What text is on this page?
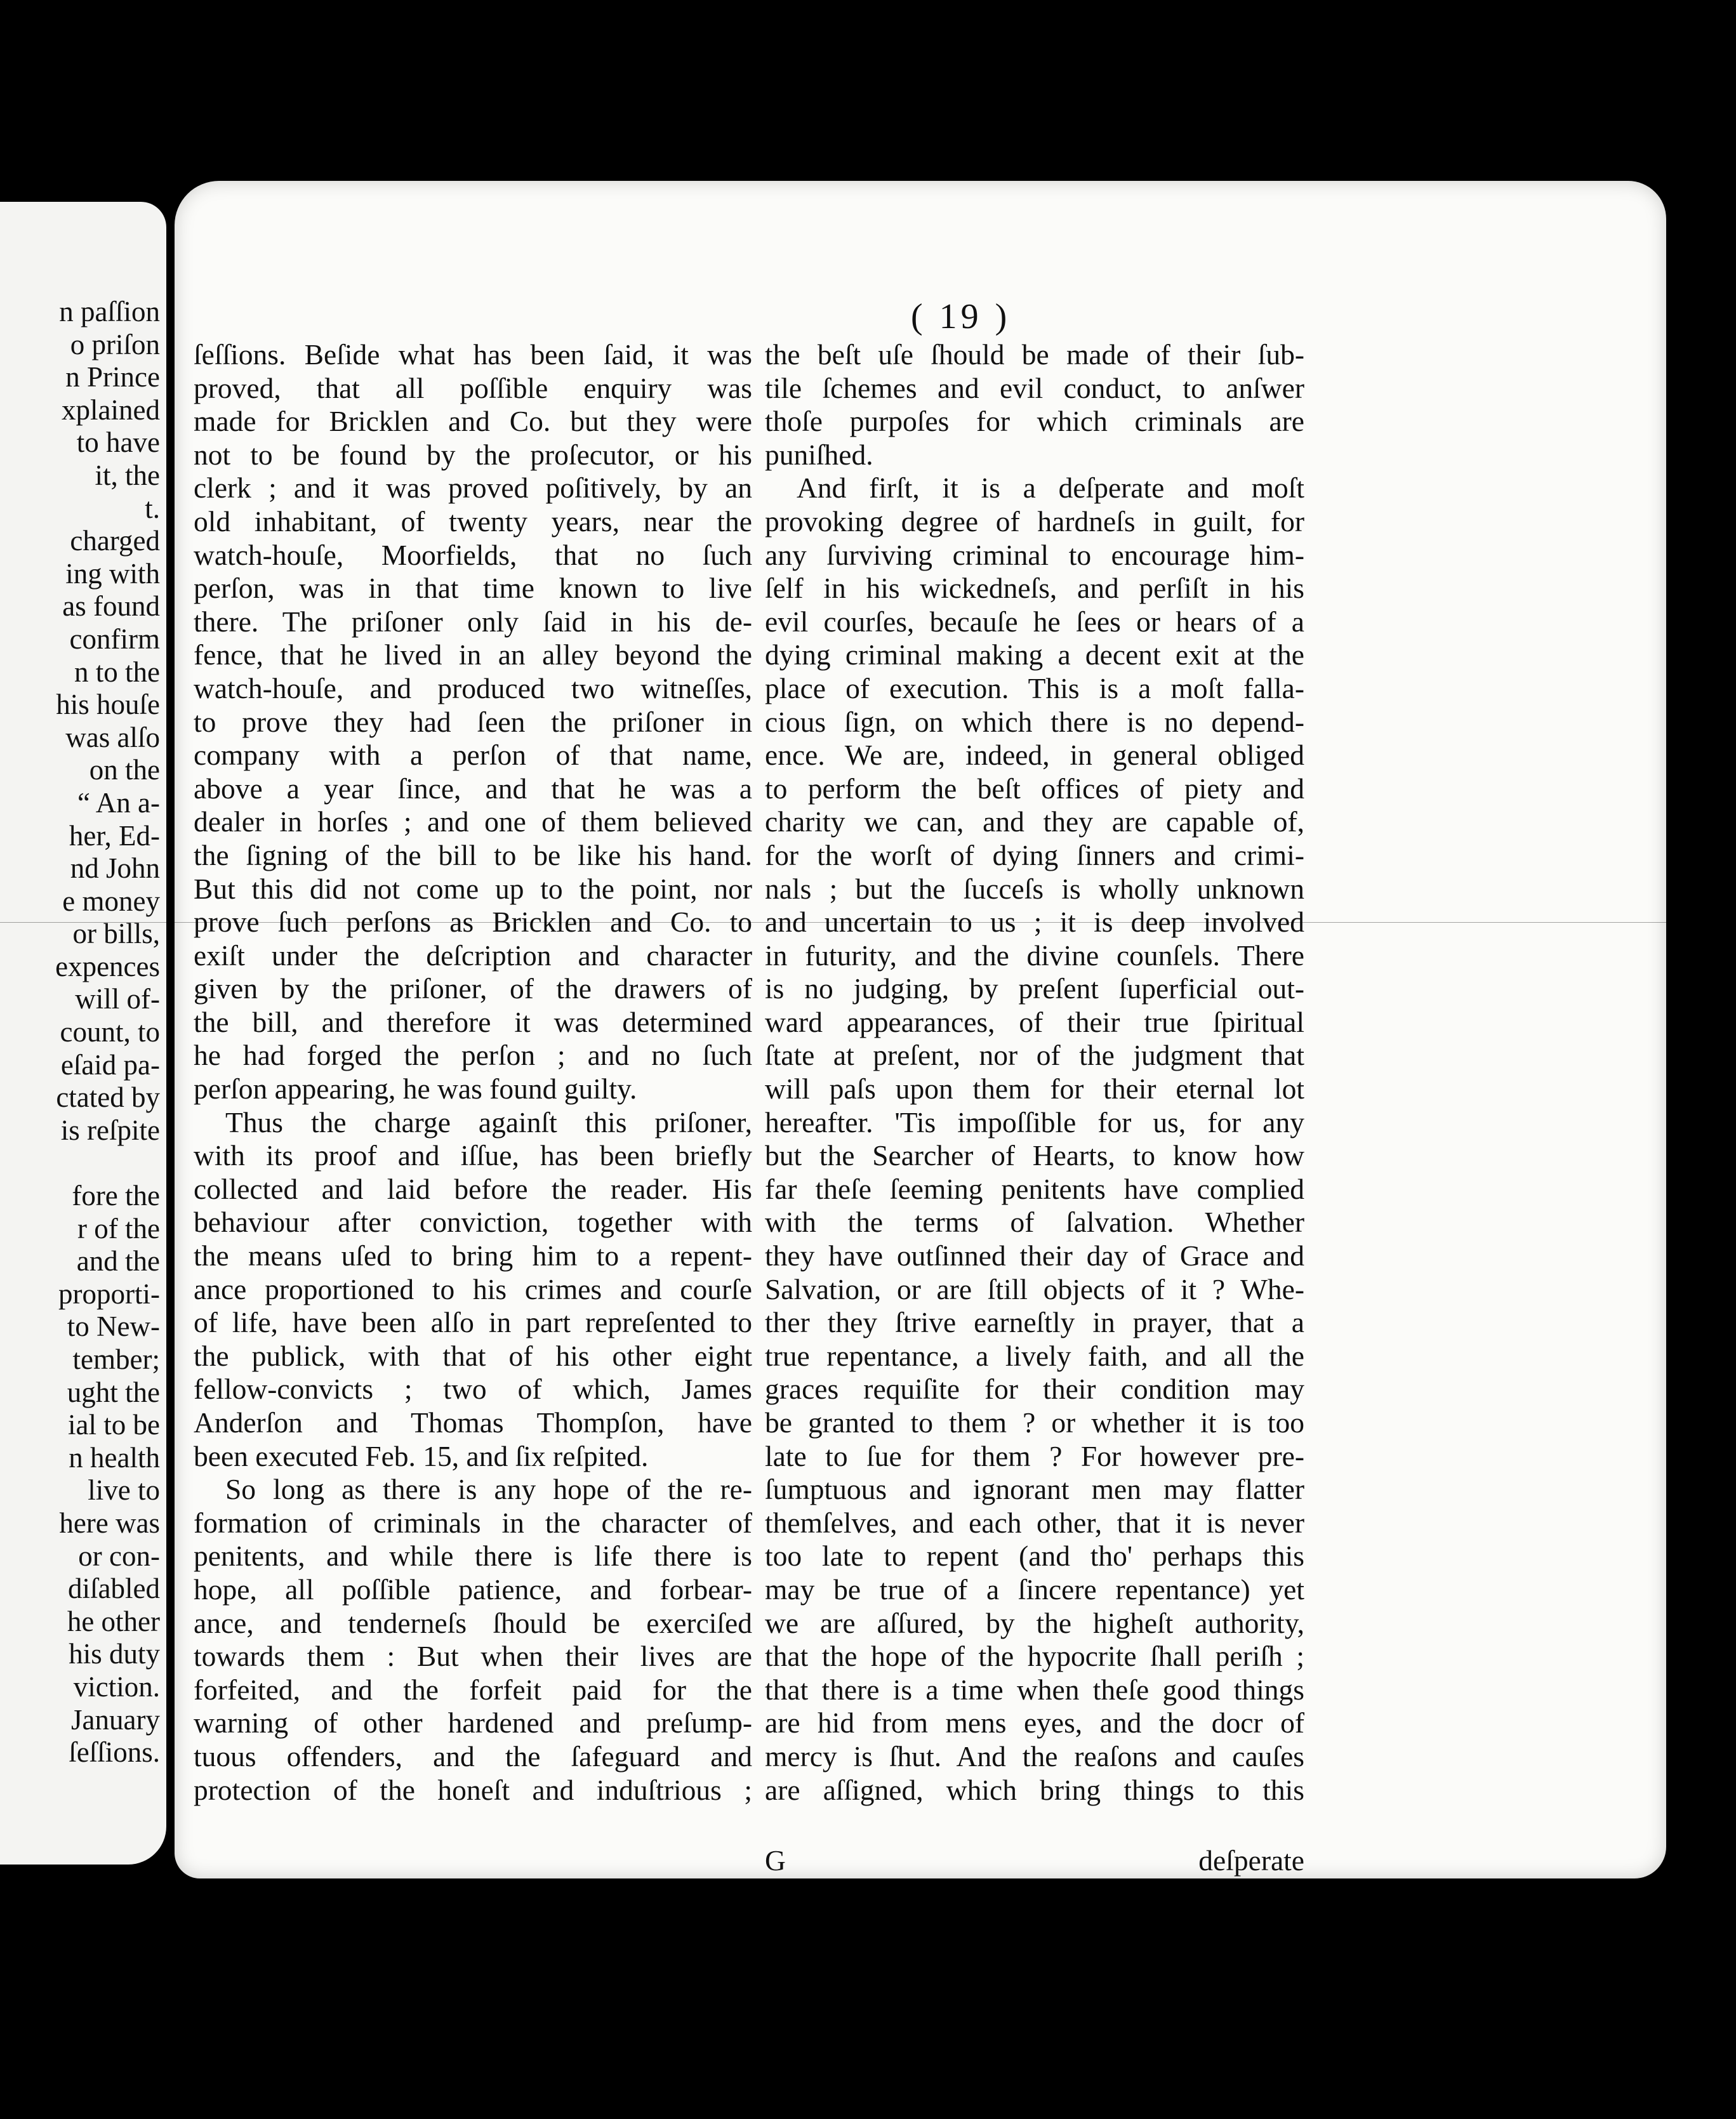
n paſſion
o priſon
n Prince
xplained
to have
it, the
t.
charged
ing with
as found
confirm
n to the
his houſe
was alſo
on the
“ An a-
her, Ed-
nd John
e money
or bills,
expences
will of-
count, to
eſaid pa-
ctated by
is reſpite
fore the
r of the
and the
proporti-
to New-
tember;
ught the
ial to be
n health
live to
here was
or con-
diſabled
he other
his duty
viction.
January
ſeſſions.
( 19 )
ſeſſions. Beſide what has been ſaid, it was
proved, that all poſſible enquiry was
made for Bricklen and Co. but they were
not to be found by the proſecutor, or his
clerk ; and it was proved poſitively, by an
old inhabitant, of twenty years, near the
watch-houſe, Moorfields, that no ſuch
perſon, was in that time known to live
there. The priſoner only ſaid in his de-
fence, that he lived in an alley beyond the
watch-houſe, and produced two witneſſes,
to prove they had ſeen the priſoner in
company with a perſon of that name,
above a year ſince, and that he was a
dealer in horſes ; and one of them believed
the ſigning of the bill to be like his hand.
But this did not come up to the point, nor
prove ſuch perſons as Bricklen and Co. to
exiſt under the deſcription and character
given by the priſoner, of the drawers of
the bill, and therefore it was determined
he had forged the perſon ; and no ſuch
perſon appearing, he was found guilty.
Thus the charge againſt this priſoner,
with its proof and iſſue, has been briefly
collected and laid before the reader. His
behaviour after conviction, together with
the means uſed to bring him to a repent-
ance proportioned to his crimes and courſe
of life, have been alſo in part repreſented to
the publick, with that of his other eight
fellow-convicts ; two of which, James
Anderſon and Thomas Thompſon, have
been executed Feb. 15, and ſix reſpited.
So long as there is any hope of the re-
formation of criminals in the character of
penitents, and while there is life there is
hope, all poſſible patience, and forbear-
ance, and tenderneſs ſhould be exerciſed
towards them : But when their lives are
forfeited, and the forfeit paid for the
warning of other hardened and preſump-
tuous offenders, and the ſafeguard and
protection of the honeſt and induſtrious ;
the beſt uſe ſhould be made of their ſub-
tile ſchemes and evil conduct, to anſwer
thoſe purpoſes for which criminals are
puniſhed.
And firſt, it is a deſperate and moſt
provoking degree of hardneſs in guilt, for
any ſurviving criminal to encourage him-
ſelf in his wickedneſs, and perſiſt in his
evil courſes, becauſe he ſees or hears of a
dying criminal making a decent exit at the
place of execution. This is a moſt falla-
cious ſign, on which there is no depend-
ence. We are, indeed, in general obliged
to perform the beſt offices of piety and
charity we can, and they are capable of,
for the worſt of dying ſinners and crimi-
nals ; but the ſucceſs is wholly unknown
and uncertain to us ; it is deep involved
in futurity, and the divine counſels. There
is no judging, by preſent ſuperficial out-
ward appearances, of their true ſpiritual
ſtate at preſent, nor of the judgment that
will paſs upon them for their eternal lot
hereafter. 'Tis impoſſible for us, for any
but the Searcher of Hearts, to know how
far theſe ſeeming penitents have complied
with the terms of ſalvation. Whether
they have outſinned their day of Grace and
Salvation, or are ſtill objects of it ? Whe-
ther they ſtrive earneſtly in prayer, that a
true repentance, a lively faith, and all the
graces requiſite for their condition may
be granted to them ? or whether it is too
late to ſue for them ? For however pre-
ſumptuous and ignorant men may flatter
themſelves, and each other, that it is never
too late to repent (and tho' perhaps this
may be true of a ſincere repentance) yet
we are aſſured, by the higheſt authority,
that the hope of the hypocrite ſhall periſh ;
that there is a time when theſe good things
are hid from mens eyes, and the docr of
mercy is ſhut. And the reaſons and cauſes
are aſſigned, which bring things to this
G	deſperate
